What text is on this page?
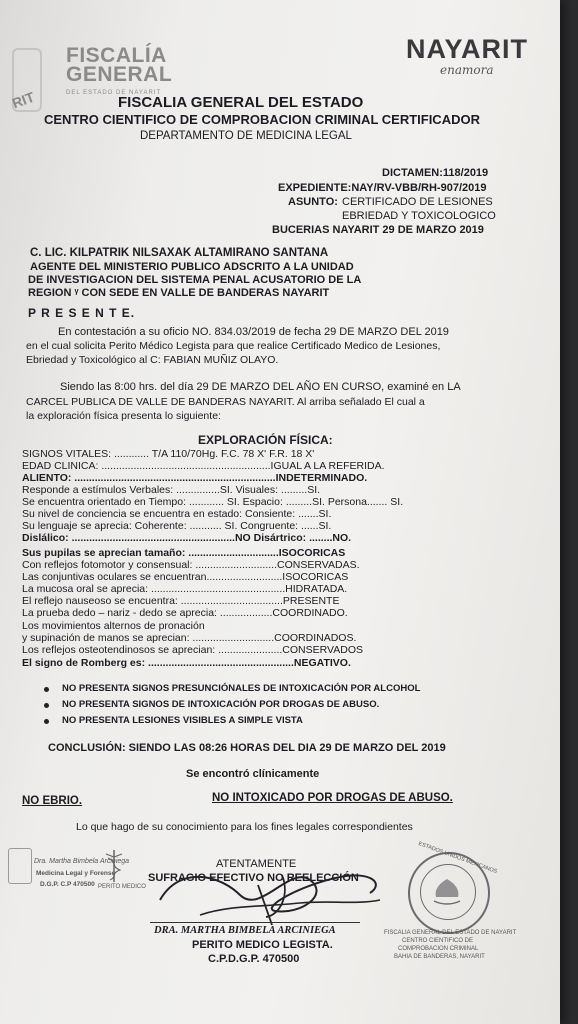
RIT
FISCALÍA
GENERAL
DEL ESTADO DE NAYARIT
NAYARIT
enamora
FISCALIA GENERAL DEL ESTADO
CENTRO CIENTIFICO DE COMPROBACION CRIMINAL CERTIFICADOR
DEPARTAMENTO DE MEDICINA LEGAL
DICTAMEN:118/2019
EXPEDIENTE:NAY/RV-VBB/RH-907/2019
ASUNTO: CERTIFICADO DE LESIONES
EBRIEDAD Y TOXICOLOGICO
BUCERIAS NAYARIT 29 DE MARZO 2019
C. LIC. KILPATRIK NILSAXAK ALTAMIRANO SANTANA
AGENTE DEL MINISTERIO PUBLICO ADSCRITO A LA UNIDAD
DE INVESTIGACION DEL SISTEMA PENAL ACUSATORIO DE LA
REGION ᵞ CON SEDE EN VALLE DE BANDERAS NAYARIT
P R E S E N T E.
En contestación a su oficio NO. 834.03/2019 de fecha 29 DE MARZO DEL 2019
en el cual solicita Perito Médico Legista para que realice Certificado Medico de Lesiones,
Ebriedad y Toxicológico al C: FABIAN MUÑIZ OLAYO.
Siendo las 8:00 hrs. del día 29 DE MARZO DEL AÑO EN CURSO, examiné en LA
CARCEL PUBLICA DE VALLE DE BANDERAS NAYARIT. Al arriba señalado El cual a
la exploración física presenta lo siguiente:
EXPLORACIÓN FÍSICA:
SIGNOS VITALES: ............ T/A 110/70Hg. F.C. 78 X' F.R. 18 X'
EDAD CLINICA: ..........................................................IGUAL A LA REFERIDA.
ALIENTO: .....................................................................INDETERMINADO.
Responde a estímulos Verbales: ...............SI. Visuales: .........SI.
Se encuentra orientado en Tiempo: ............ SI. Espacio: .........SI. Persona....... SI.
Su nivel de conciencia se encuentra en estado: Consiente: .......SI.
Su lenguaje se aprecia: Coherente: ........... SI. Congruente: ......SI.
Dislálico: ........................................................NO Disártrico: ........NO.
Sus pupilas se aprecian tamaño: ...............................ISOCORICAS
Con reflejos fotomotor y consensual: ............................CONSERVADAS.
Las conjuntivas oculares se encuentran..........................ISOCORICAS
La mucosa oral se aprecia: ..............................................HIDRATADA.
El reflejo nauseoso se encuentra: ...................................PRESENTE
La prueba dedo – nariz - dedo se aprecia: ..................COORDINADO.
Los movimientos alternos de pronación
y supinación de manos se aprecian: ............................COORDINADOS.
Los reflejos osteotendinosos se aprecian: ......................CONSERVADOS
El signo de Romberg es: ..................................................NEGATIVO.
NO PRESENTA SIGNOS PRESUNCIÓNALES DE INTOXICACIÓN POR ALCOHOL
NO PRESENTA SIGNOS DE INTOXICACIÓN POR DROGAS DE ABUSO.
NO PRESENTA LESIONES VISIBLES A SIMPLE VISTA
CONCLUSIÓN: SIENDO LAS 08:26 HORAS DEL DIA 29 DE MARZO DEL 2019
Se encontró clínicamente
NO EBRIO.	NO INTOXICADO POR DROGAS DE ABUSO.
Lo que hago de su conocimiento para los fines legales correspondientes
ATENTAMENTE
SUFRAGIO EFECTIVO NO REELECCIÓN
DRA. MARTHA BIMBELA ARCINIEGA
PERITO MEDICO LEGISTA.
C.P.D.G.P. 470500
Dra. Martha Bimbela Arciniega
Medicina Legal y Forense
D.G.P. C.P 470500 PERITO MEDICO
ESTADOS UNIDOS MEXICANOS
FISCALIA GENERAL DEL ESTADO DE NAYARIT
CENTRO CIENTIFICO DE
COMPROBACION CRIMINAL
BAHIA DE BANDERAS, NAYARIT
